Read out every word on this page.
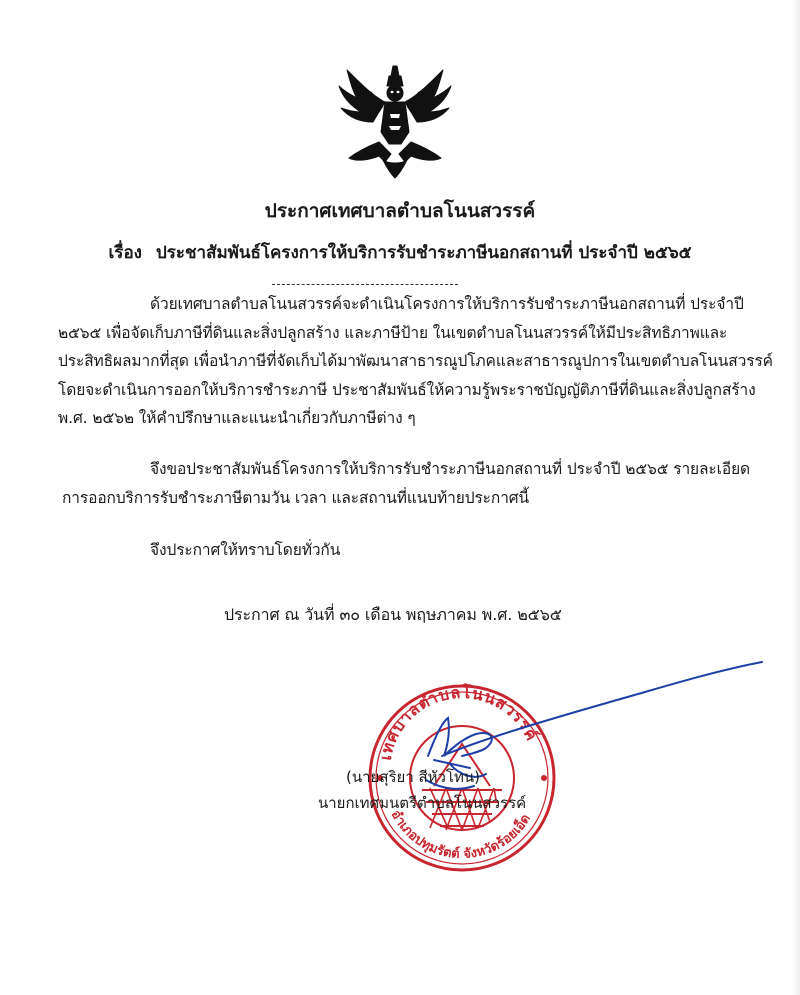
ประกาศเทศบาลตำบลโนนสวรรค์
เรื่อง ประชาสัมพันธ์โครงการให้บริการรับชำระภาษีนอกสถานที่ ประจำปี ๒๕๖๕
ด้วยเทศบาลตำบลโนนสวรรค์จะดำเนินโครงการให้บริการรับชำระภาษีนอกสถานที่ ประจำปี
๒๕๖๕ เพื่อจัดเก็บภาษีที่ดินและสิ่งปลูกสร้าง และภาษีป้าย ในเขตตำบลโนนสวรรค์ให้มีประสิทธิภาพและ
ประสิทธิผลมากที่สุด เพื่อนำภาษีที่จัดเก็บได้มาพัฒนาสาธารณูปโภคและสาธารณูปการในเขตตำบลโนนสวรรค์
โดยจะดำเนินการออกให้บริการชำระภาษี ประชาสัมพันธ์ให้ความรู้พระราชบัญญัติภาษีที่ดินและสิ่งปลูกสร้าง
พ.ศ. ๒๕๖๒ ให้คำปรึกษาและแนะนำเกี่ยวกับภาษีต่าง ๆ
จึงขอประชาสัมพันธ์โครงการให้บริการรับชำระภาษีนอกสถานที่ ประจำปี ๒๕๖๕ รายละเอียด
การออกบริการรับชำระภาษีตามวัน เวลา และสถานที่แนบท้ายประกาศนี้
จึงประกาศให้ทราบโดยทั่วกัน
ประกาศ ณ วันที่ ๓๐ เดือน พฤษภาคม พ.ศ. ๒๕๖๕
เทศบาลตำบลโนนสวรรค์
อำเภอปทุมรัตต์ จังหวัดร้อยเอ็ด
(นายสุริยา สีหัวโทน)
นายกเทศมนตรีตำบลโนนสวรรค์
